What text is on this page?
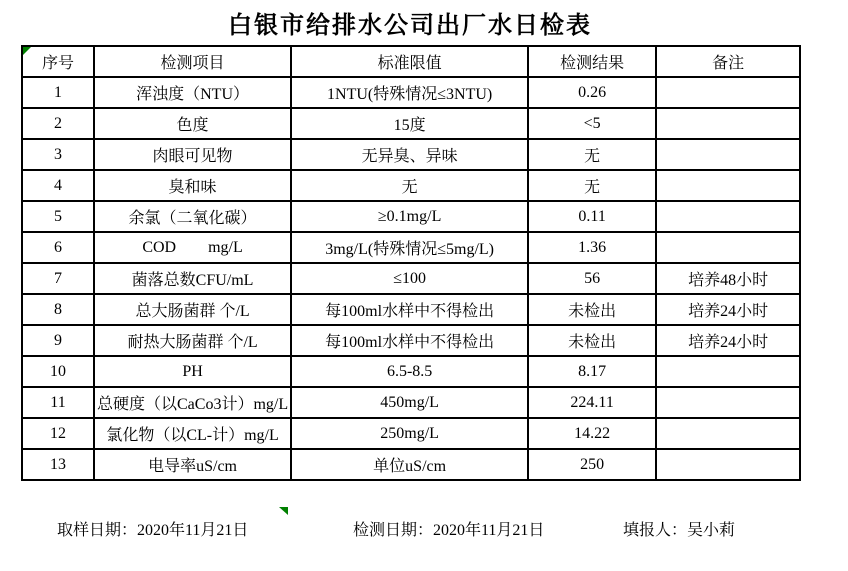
白银市给排水公司出厂水日检表
序号	检测项目	标准限值	检测结果	备注
1	浑浊度（NTU）	1NTU(特殊情况≤3NTU)	0.26	
2	色度	15度	<5	
3	肉眼可见物	无异臭、异味	无	
4	臭和味	无	无	
5	余氯（二氧化碳）	≥0.1mg/L	0.11	
6	COD        mg/L	3mg/L(特殊情况≤5mg/L)	1.36	
7	菌落总数CFU/mL	≤100	56	培养48小时
8	总大肠菌群 个/L	每100ml水样中不得检出	未检出	培养24小时
9	耐热大肠菌群 个/L	每100ml水样中不得检出	未检出	培养24小时
10	PH	6.5-8.5	8.17	
11	总硬度（以CaCo3计）mg/L	450mg/L	224.11	
12	氯化物（以CL-计）mg/L	250mg/L	14.22	
13	电导率uS/cm	单位uS/cm	250	
取样日期：2020年11月21日	检测日期：2020年11月21日	填报人：吴小莉
